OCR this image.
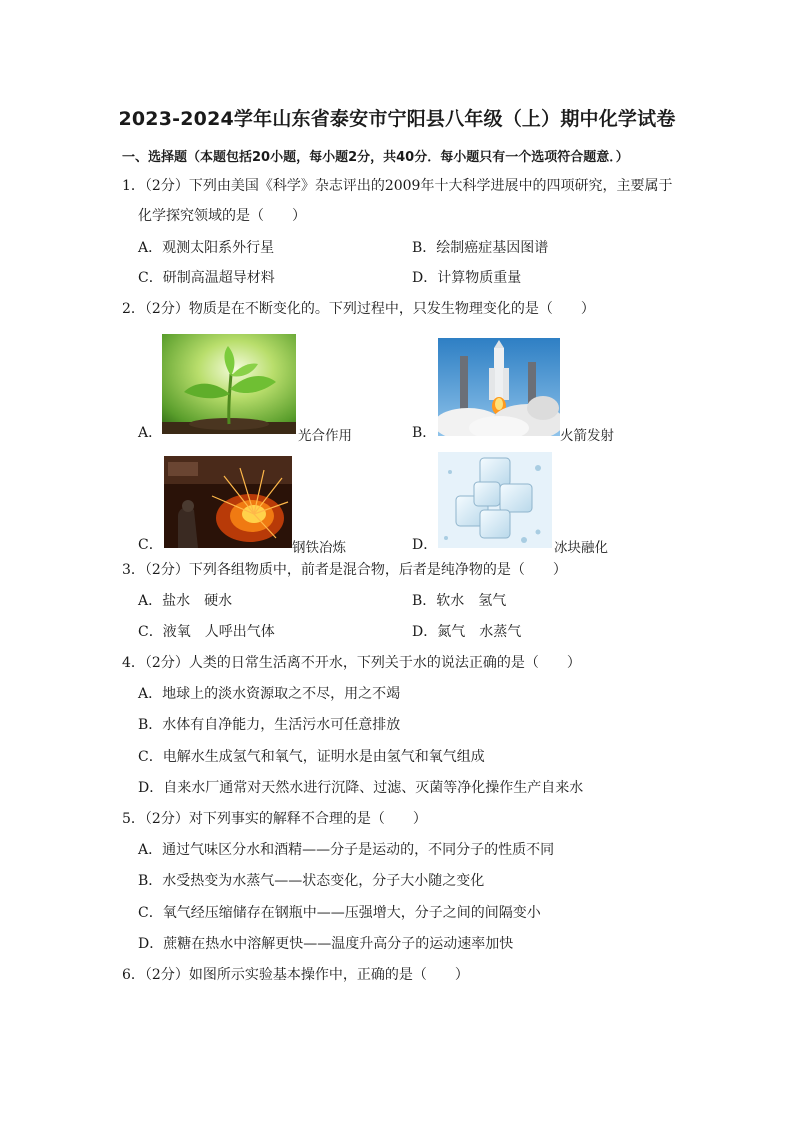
2023-2024学年山东省泰安市宁阳县八年级（上）期中化学试卷
一、选择题（本题包括20小题，每小题2分，共40分．每小题只有一个选项符合题意．）
1．（2分）下列由美国《科学》杂志评出的2009年十大科学进展中的四项研究，主要属于
化学探究领域的是（　　）
A．观测太阳系外行星	B．绘制癌症基因图谱
C．研制高温超导材料	D．计算物质重量
2．（2分）物质是在不断变化的。下列过程中，只发生物理变化的是（　　）
A．	光合作用	B．	火箭发射
C．	钢铁冶炼	D．	冰块融化
3．（2分）下列各组物质中，前者是混合物，后者是纯净物的是（　　）
A．盐水　硬水	B．软水　氢气
C．液氧　人呼出气体	D．氮气　水蒸气
4．（2分）人类的日常生活离不开水，下列关于水的说法正确的是（　　）
A．地球上的淡水资源取之不尽，用之不竭
B．水体有自净能力，生活污水可任意排放
C．电解水生成氢气和氧气，证明水是由氢气和氧气组成
D．自来水厂通常对天然水进行沉降、过滤、灭菌等净化操作生产自来水
5．（2分）对下列事实的解释不合理的是（　　）
A．通过气味区分水和酒精——分子是运动的，不同分子的性质不同
B．水受热变为水蒸气——状态变化，分子大小随之变化
C．氧气经压缩储存在钢瓶中——压强增大，分子之间的间隔变小
D．蔗糖在热水中溶解更快——温度升高分子的运动速率加快
6．（2分）如图所示实验基本操作中，正确的是（　　）
